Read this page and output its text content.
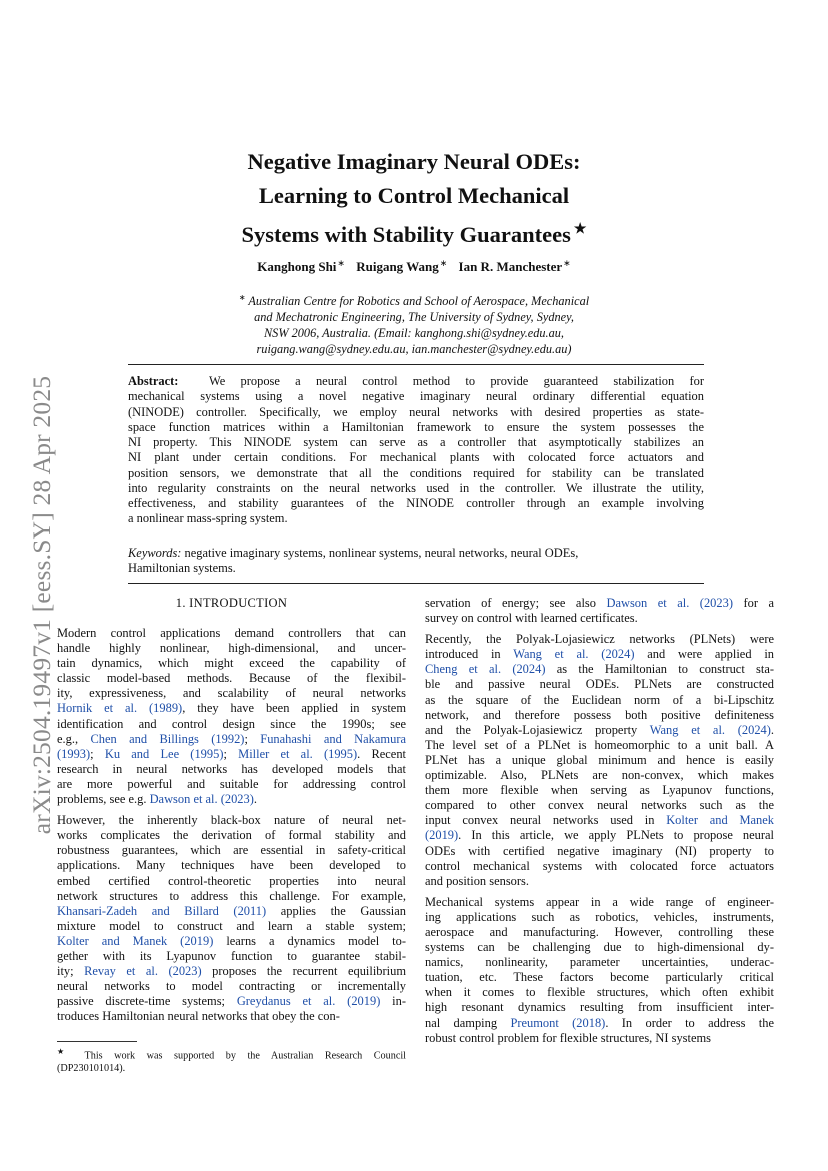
arXiv:2504.19497v1 [eess.SY] 28 Apr 2025
Negative Imaginary Neural ODEs:
Learning to Control Mechanical
Systems with Stability Guarantees ★
Kanghong Shi∗ Ruigang Wang∗ Ian R. Manchester∗
∗ Australian Centre for Robotics and School of Aerospace, Mechanical
and Mechatronic Engineering, The University of Sydney, Sydney,
NSW 2006, Australia. (Email: kanghong.shi@sydney.edu.au,
ruigang.wang@sydney.edu.au, ian.manchester@sydney.edu.au)
Abstract: We propose a neural control method to provide guaranteed stabilization for
mechanical systems using a novel negative imaginary neural ordinary differential equation
(NINODE) controller. Specifically, we employ neural networks with desired properties as state-
space function matrices within a Hamiltonian framework to ensure the system possesses the
NI property. This NINODE system can serve as a controller that asymptotically stabilizes an
NI plant under certain conditions. For mechanical plants with colocated force actuators and
position sensors, we demonstrate that all the conditions required for stability can be translated
into regularity constraints on the neural networks used in the controller. We illustrate the utility,
effectiveness, and stability guarantees of the NINODE controller through an example involving
a nonlinear mass-spring system.
Keywords: negative imaginary systems, nonlinear systems, neural networks, neural ODEs,
Hamiltonian systems.
1. INTRODUCTION
Modern control applications demand controllers that can
handle highly nonlinear, high-dimensional, and uncer-
tain dynamics, which might exceed the capability of
classic model-based methods. Because of the flexibil-
ity, expressiveness, and scalability of neural networks
Hornik et al. (1989), they have been applied in system
identification and control design since the 1990s; see
e.g., Chen and Billings (1992); Funahashi and Nakamura
(1993); Ku and Lee (1995); Miller et al. (1995). Recent
research in neural networks has developed models that
are more powerful and suitable for addressing control
problems, see e.g. Dawson et al. (2023).
However, the inherently black-box nature of neural net-
works complicates the derivation of formal stability and
robustness guarantees, which are essential in safety-critical
applications. Many techniques have been developed to
embed certified control-theoretic properties into neural
network structures to address this challenge. For example,
Khansari-Zadeh and Billard (2011) applies the Gaussian
mixture model to construct and learn a stable system;
Kolter and Manek (2019) learns a dynamics model to-
gether with its Lyapunov function to guarantee stabil-
ity; Revay et al. (2023) proposes the recurrent equilibrium
neural networks to model contracting or incrementally
passive discrete-time systems; Greydanus et al. (2019) in-
troduces Hamiltonian neural networks that obey the con-
servation of energy; see also Dawson et al. (2023) for a
survey on control with learned certificates.
Recently, the Polyak-Lojasiewicz networks (PLNets) were
introduced in Wang et al. (2024) and were applied in
Cheng et al. (2024) as the Hamiltonian to construct sta-
ble and passive neural ODEs. PLNets are constructed
as the square of the Euclidean norm of a bi-Lipschitz
network, and therefore possess both positive definiteness
and the Polyak-Lojasiewicz property Wang et al. (2024).
The level set of a PLNet is homeomorphic to a unit ball. A
PLNet has a unique global minimum and hence is easily
optimizable. Also, PLNets are non-convex, which makes
them more flexible when serving as Lyapunov functions,
compared to other convex neural networks such as the
input convex neural networks used in Kolter and Manek
(2019). In this article, we apply PLNets to propose neural
ODEs with certified negative imaginary (NI) property to
control mechanical systems with colocated force actuators
and position sensors.
Mechanical systems appear in a wide range of engineer-
ing applications such as robotics, vehicles, instruments,
aerospace and manufacturing. However, controlling these
systems can be challenging due to high-dimensional dy-
namics, nonlinearity, parameter uncertainties, underac-
tuation, etc. These factors become particularly critical
when it comes to flexible structures, which often exhibit
high resonant dynamics resulting from insufficient inter-
nal damping Preumont (2018). In order to address the
robust control problem for flexible structures, NI systems
★ This work was supported by the Australian Research Council
(DP230101014).
